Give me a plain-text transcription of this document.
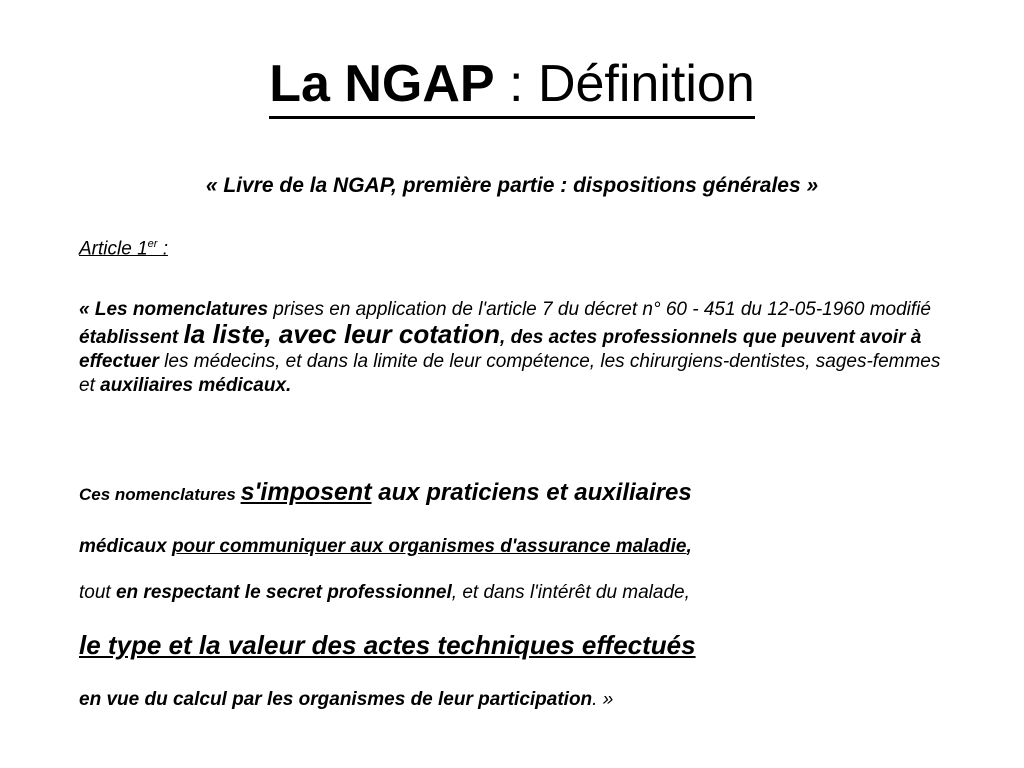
La NGAP : Définition
« Livre de la NGAP, première partie : dispositions générales »
Article 1er :
« Les nomenclatures prises en application de l'article 7 du décret n° 60 - 451 du 12-05-1960 modifié établissent la liste, avec leur cotation, des actes professionnels que peuvent avoir à effectuer les médecins, et dans la limite de leur compétence, les chirurgiens-dentistes, sages-femmes et auxiliaires médicaux.
Ces nomenclatures s'imposent aux praticiens et auxiliaires
médicaux pour communiquer aux organismes d'assurance maladie,
tout en respectant le secret professionnel, et dans l'intérêt du malade,
le type et la valeur des actes techniques effectués
en vue du calcul par les organismes de leur participation. »
